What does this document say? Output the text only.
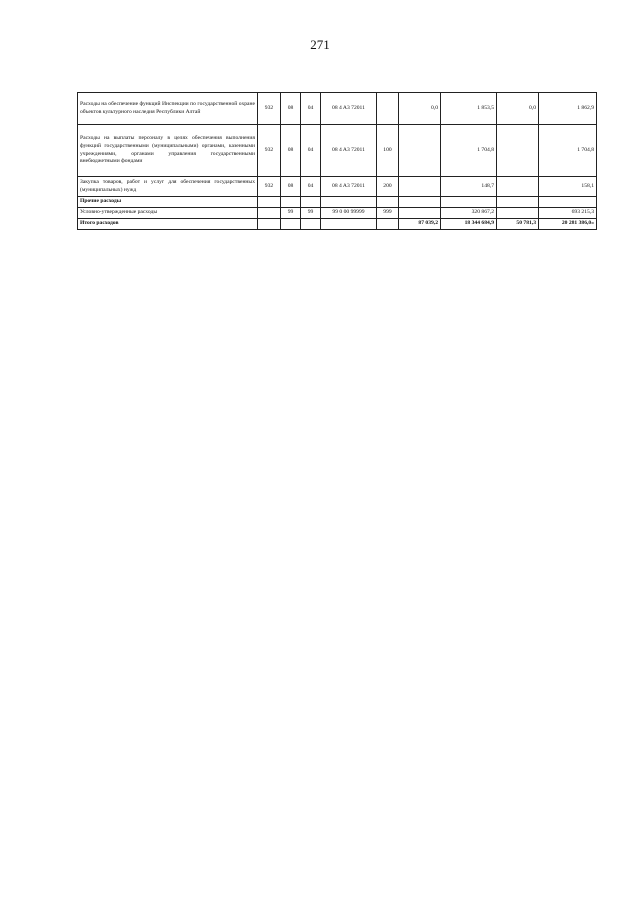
271
Расходы на обеспечение функций Инспекции по государственной охране объектов культурного наследия Республики Алтай	932	08	04	08 4 A3 72011		0,0	1 853,5	0,0	1 862,9
Расходы на выплаты персоналу в целях обеспечения выполнения функций государственными (муниципальными) органами, казенными учреждениями, органами управления государственными внебюджетными фондами	932	08	04	08 4 A3 72011	100		1 704,8		1 704,8
Закупка товаров, работ и услуг для обеспечения государственных (муниципальных) нужд	932	08	04	08 4 A3 72011	200		148,7		158,1
Прочие расходы									
Условно-утвержденные расходы		99	99	99 0 00 99999	999		320 867,2		693 215,3
Итого расходов						87 039,2	18 344 684,9	50 781,3	20 281 386,0»
